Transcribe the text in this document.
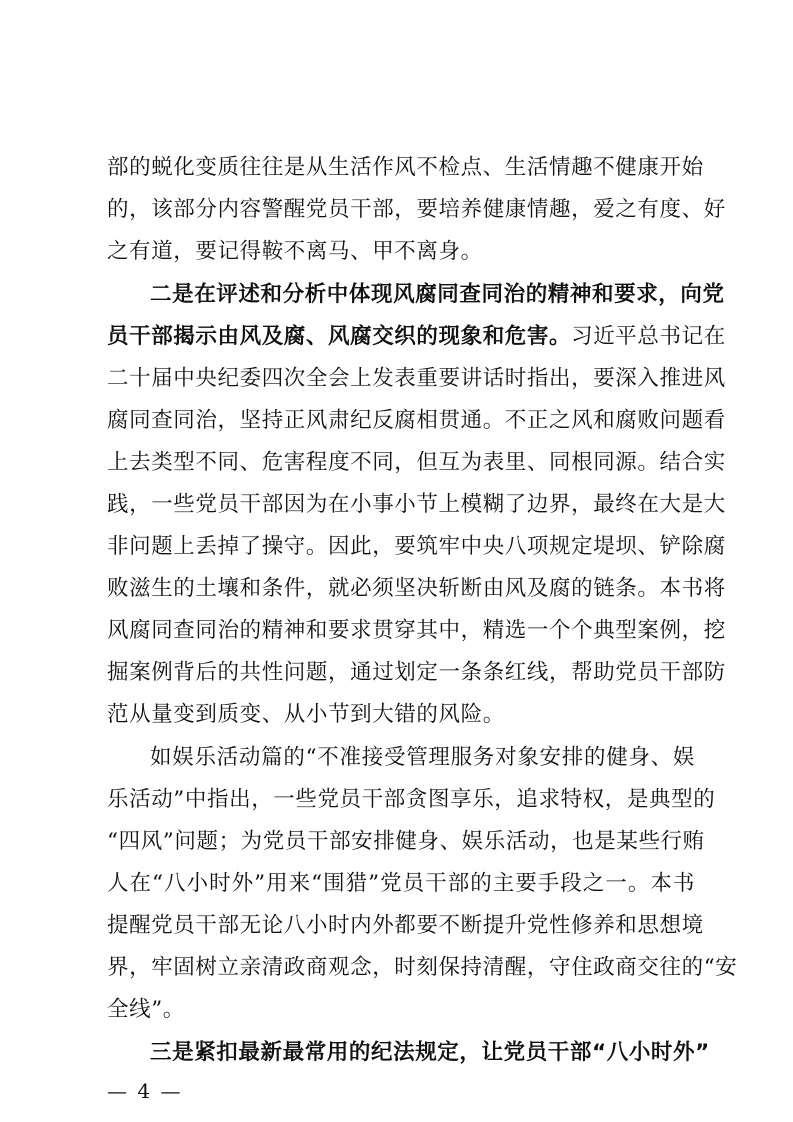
部的蜕化变质往往是从生活作风不检点、生活情趣不健康开始
的，该部分内容警醒党员干部，要培养健康情趣，爱之有度、好
之有道，要记得鞍不离马、甲不离身。
二是在评述和分析中体现风腐同查同治的精神和要求，向党
员干部揭示由风及腐、风腐交织的现象和危害。习近平总书记在
二十届中央纪委四次全会上发表重要讲话时指出，要深入推进风
腐同查同治，坚持正风肃纪反腐相贯通。不正之风和腐败问题看
上去类型不同、危害程度不同，但互为表里、同根同源。结合实
践，一些党员干部因为在小事小节上模糊了边界，最终在大是大
非问题上丢掉了操守。因此，要筑牢中央八项规定堤坝、铲除腐
败滋生的土壤和条件，就必须坚决斩断由风及腐的链条。本书将
风腐同查同治的精神和要求贯穿其中，精选一个个典型案例，挖
掘案例背后的共性问题，通过划定一条条红线，帮助党员干部防
范从量变到质变、从小节到大错的风险。
如娱乐活动篇的“不准接受管理服务对象安排的健身、娱
乐活动”中指出，一些党员干部贪图享乐，追求特权，是典型的
“四风”问题；为党员干部安排健身、娱乐活动，也是某些行贿
人在“八小时外”用来“围猎”党员干部的主要手段之一。本书
提醒党员干部无论八小时内外都要不断提升党性修养和思想境
界，牢固树立亲清政商观念，时刻保持清醒，守住政商交往的“安
全线”。
三是紧扣最新最常用的纪法规定，让党员干部“八小时外”
— 4 —
